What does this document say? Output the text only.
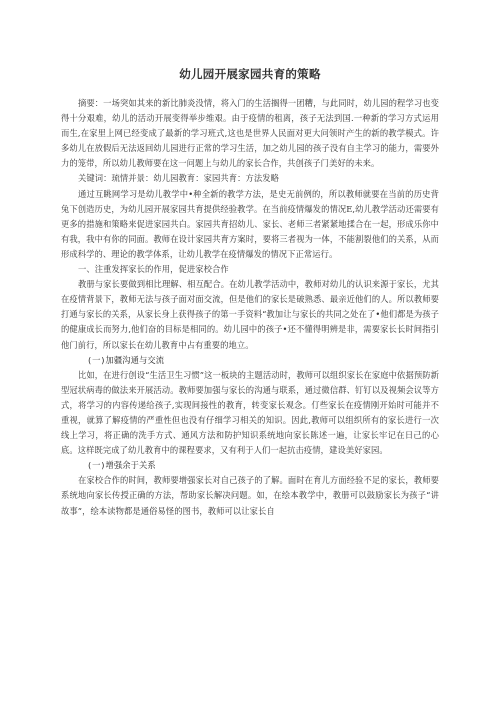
幼儿园开展家园共育的策略

摘要：一场突如其来的新比肺炎没情，将入门的生活搁得一团糟，与此同时，幼儿园的程学习也变得十分艰难，幼儿的活动开展变得举步维艰。由于疫情的租离，孩子无法到国.一种新的学习方式运用而生,在家里上网已经变成了最新的学习班式,这也是世界人民面对更大问领时产生的新的教学模式。许多幼儿在放假后无法返回幼儿园进行正常的学习生活，加之幼儿园的孩子没有自主学习的能力，需要外力的笼带，所以幼儿教师要在这一问题上与幼儿的家长合作，共创孩子门美好的未来。

关键词：琉情并景：幼儿园教育：家园共育：方法发略

通过互眺网学习是幼儿教学中•种全新的教学方法，是史无前例的，所以教师就要在当前的历史背兔下创造历史，为幼儿园开展家园共育提供经验教学。在当前疫情爆发的情况E,幼儿教学活动还需要有更多的措施和策略来促进家园共白。家园共育招幼儿、家长、老师三者紧紧地揉合在一起，形成乐你中有我，我中有你的同面。教师在设计家园共育方案时，要将三者视为一体，不能割裂他们的关系，从而形成科学的、理论的教学体系，让幼儿教学在疫情爆发的情况下正常运行。

一、注重发挥家长的作用，促进家校合作

教册与家长要做到相比理解、相互配合。在幼儿教学活动中，教师对幼儿的认识来源于家长，尤其在疫情背景下，教师无法与孩子面对面交流，但是他们的家长是破熟悉、最亲近他们的人。所以教师要打通与家长的关系，从家长身上获得孩子的第一手资料“教加让与家长的共同之处在了•他们都是为孩子的健康成长而努力,他们奋的目标是相同的。幼儿园中的孩子•还不懂得明辨是非，需要家长长时间指引他门前行，所以家长在幼儿教育中占有重要的地立。

(一)加疆沟通与交流

比如，在进行创设“生活卫生习惯”这一板块的主题活动时，教师可以组织家长在家庭中依据预防新型冠状病毒的做法来开展活动。教师要加强与家长的沟通与联系，通过微信群、钉钉以及视频会议等方式，将学习的内容传递给孩子,实现间接性的教育，转变家长观念。仃些家长在疫情刚开始时可能并不重视，就算了解疫情的严重性但也没有仔细学习相关的知识。因此,教师可以组织所有的家长进行一次线上学习，将正确的洗手方式、通风方法和防护知识系统地向家长陈述一遍，让家长牢记在日己的心底。这样既完成了幼儿教育中的课程要求，又有利于人们一起抗击疫情，建设美好家园。

(一)增强余于关系

在家校合作的时间，教师要增强家长对自己孩子的了解。面时在育儿方面经验不足的家长，教师要系统地向家长传授正确的方法，帮助家长解决问题。如，在绘本教学中，教册可以鼓励家长为孩子“讲故事”，绘本读物都是通俗易怪的图书，教师可以让家长自
